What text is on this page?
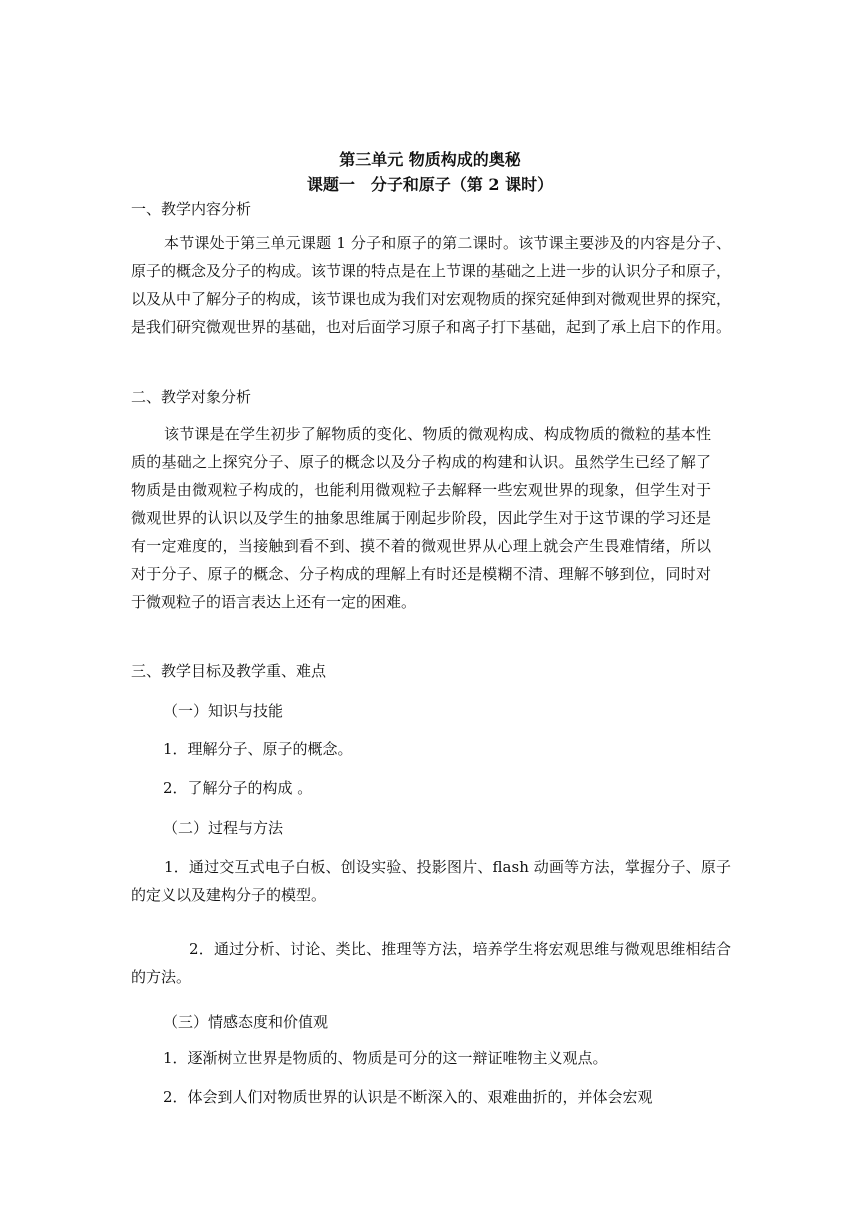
第三单元 物质构成的奥秘
课题一　分子和原子（第 2 课时）
一、教学内容分析

本节课处于第三单元课题 1 分子和原子的第二课时。该节课主要涉及的内容是分子、原子的概念及分子的构成。该节课的特点是在上节课的基础之上进一步的认识分子和原子，以及从中了解分子的构成，该节课也成为我们对宏观物质的探究延伸到对微观世界的探究，是我们研究微观世界的基础，也对后面学习原子和离子打下基础，起到了承上启下的作用。

二、教学对象分析

该节课是在学生初步了解物质的变化、物质的微观构成、构成物质的微粒的基本性质的基础之上探究分子、原子的概念以及分子构成的构建和认识。虽然学生已经了解了物质是由微观粒子构成的，也能利用微观粒子去解释一些宏观世界的现象，但学生对于微观世界的认识以及学生的抽象思维属于刚起步阶段，因此学生对于这节课的学习还是有一定难度的，当接触到看不到、摸不着的微观世界从心理上就会产生畏难情绪，所以对于分子、原子的概念、分子构成的理解上有时还是模糊不清、理解不够到位，同时对于微观粒子的语言表达上还有一定的困难。

三、教学目标及教学重、难点
（一）知识与技能
1．理解分子、原子的概念。
2．了解分子的构成 。
（二）过程与方法

1．通过交互式电子白板、创设实验、投影图片、flash 动画等方法，掌握分子、原子的定义以及建构分子的模型。

2．通过分析、讨论、类比、推理等方法，培养学生将宏观思维与微观思维相结合的方法。

（三）情感态度和价值观
1．逐渐树立世界是物质的、物质是可分的这一辩证唯物主义观点。
2．体会到人们对物质世界的认识是不断深入的、艰难曲折的，并体会宏观
